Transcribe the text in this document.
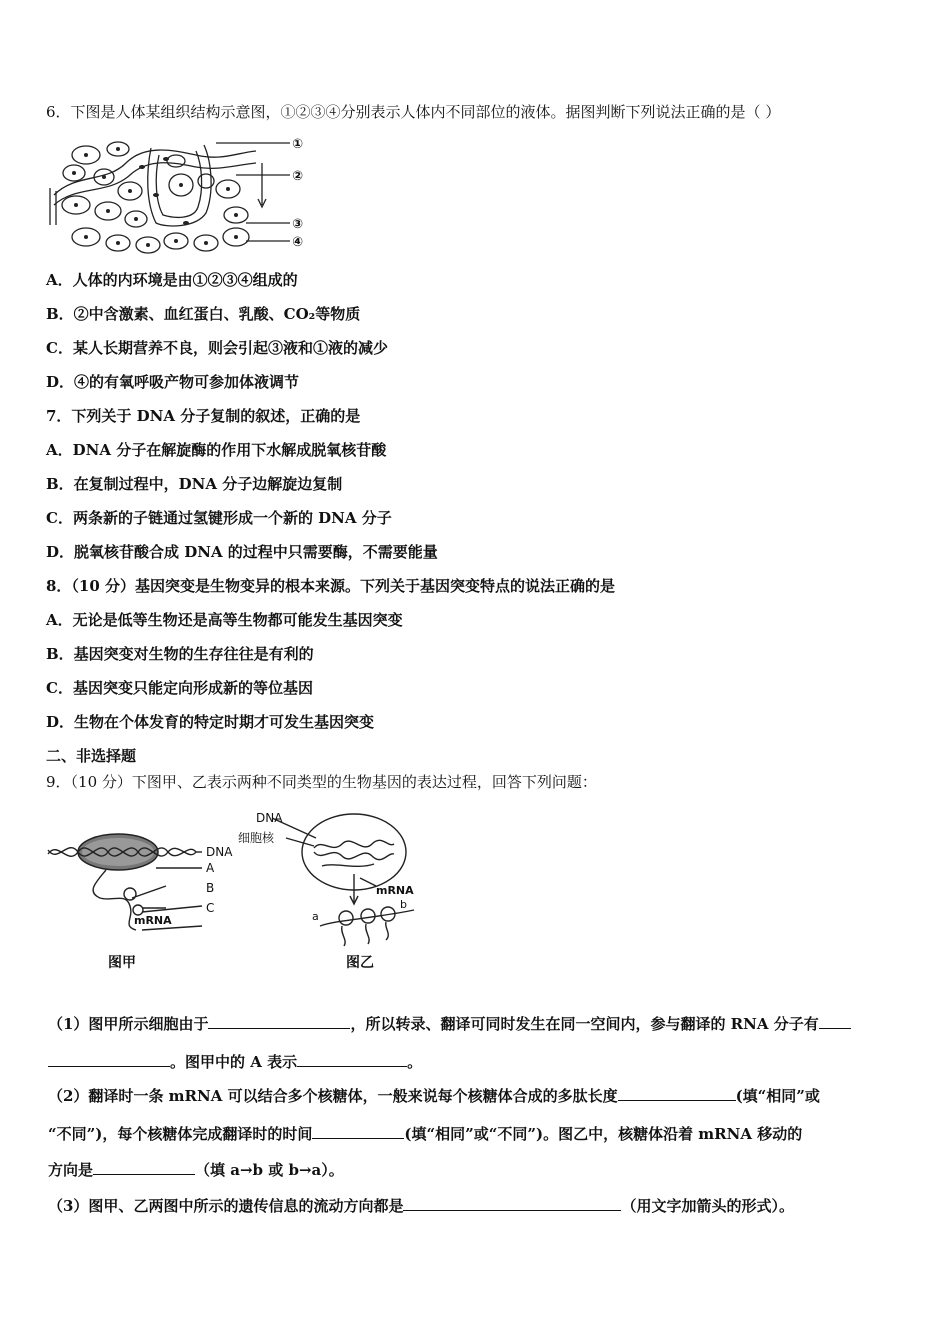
6．下图是人体某组织结构示意图，①②③④分别表示人体内不同部位的液体。据图判断下列说法正确的是（ ）
①
②
③
④
A．人体的内环境是由①②③④组成的
B．②中含激素、血红蛋白、乳酸、CO₂等物质
C．某人长期营养不良，则会引起③液和①液的减少
D．④的有氧呼吸产物可参加体液调节
7．下列关于 DNA 分子复制的叙述，正确的是
A．DNA 分子在解旋酶的作用下水解成脱氧核苷酸
B．在复制过程中，DNA 分子边解旋边复制
C．两条新的子链通过氢键形成一个新的 DNA 分子
D．脱氧核苷酸合成 DNA 的过程中只需要酶，不需要能量
8．（10 分）基因突变是生物变异的根本来源。下列关于基因突变特点的说法正确的是
A．无论是低等生物还是高等生物都可能发生基因突变
B．基因突变对生物的生存往往是有利的
C．基因突变只能定向形成新的等位基因
D．生物在个体发育的特定时期才可发生基因突变
二、非选择题
9．（10 分）下图甲、乙表示两种不同类型的生物基因的表达过程，回答下列问题：
DNA
A
B
C
mRNA
图甲
DNA
细胞核
mRNA
a
b
图乙
（1）图甲所示细胞由于	，所以转录、翻译可同时发生在同一空间内，参与翻译的 RNA 分子有
。图甲中的 A 表示	。
（2）翻译时一条 mRNA 可以结合多个核糖体，一般来说每个核糖体合成的多肽长度	(填“相同”或
“不同”)，每个核糖体完成翻译时的时间	(填“相同”或“不同”)。图乙中，核糖体沿着 mRNA 移动的
方向是	（填 a→b 或 b→a）。
（3）图甲、乙两图中所示的遗传信息的流动方向都是	（用文字加箭头的形式）。
